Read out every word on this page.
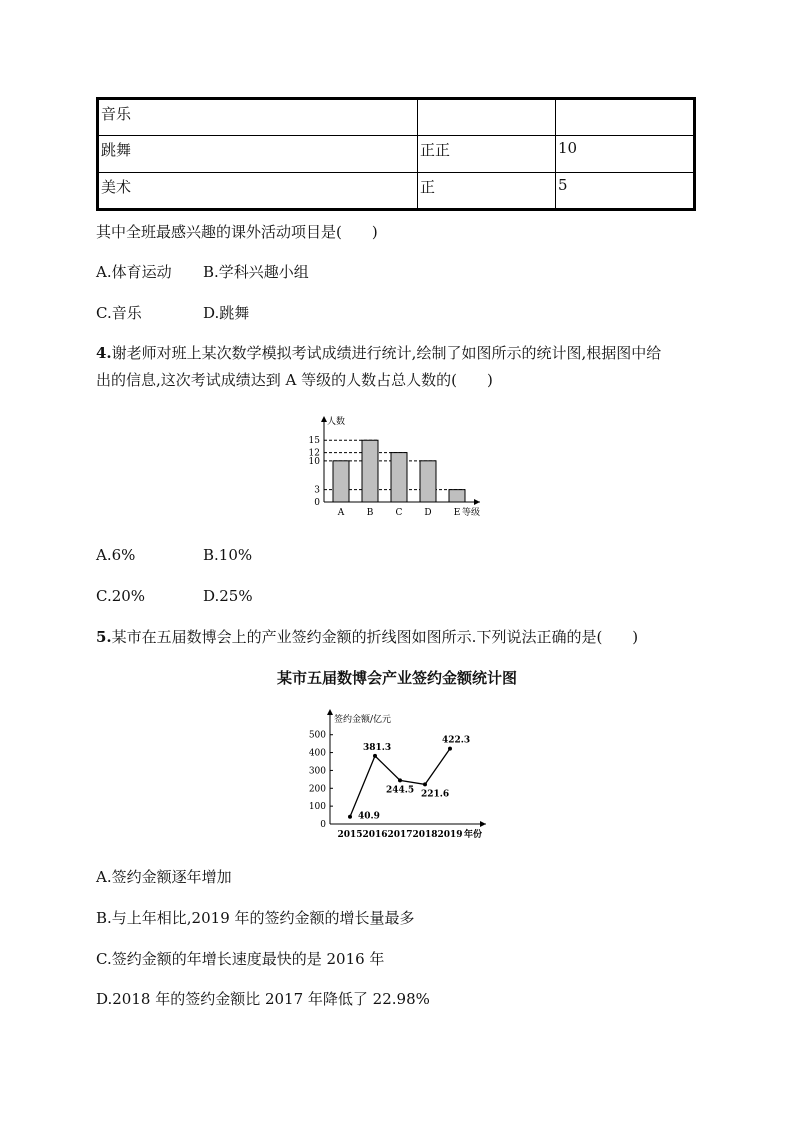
音乐		
跳舞	正正	10
美术	正	5
其中全班最感兴趣的课外活动项目是(　　)
A.体育运动 B.学科兴趣小组
C.音乐	D.跳舞
4.谢老师对班上某次数学模拟考试成绩进行统计,绘制了如图所示的统计图,根据图中给
出的信息,这次考试成绩达到 A 等级的人数占总人数的(　　)
人数
等级
0
3
10
12
15
A B C D E
A.6%	B.10%
C.20%	D.25%
5.某市在五届数博会上的产业签约金额的折线图如图所示.下列说法正确的是(　　)
某市五届数博会产业签约金额统计图
签约金额/亿元
0
100
200
300
400
500
2015 2016 2017 2018 2019 年份
40.9
381.3
244.5 221.6
422.3
A.签约金额逐年增加
B.与上年相比,2019 年的签约金额的增长量最多
C.签约金额的年增长速度最快的是 2016 年
D.2018 年的签约金额比 2017 年降低了 22.98%
